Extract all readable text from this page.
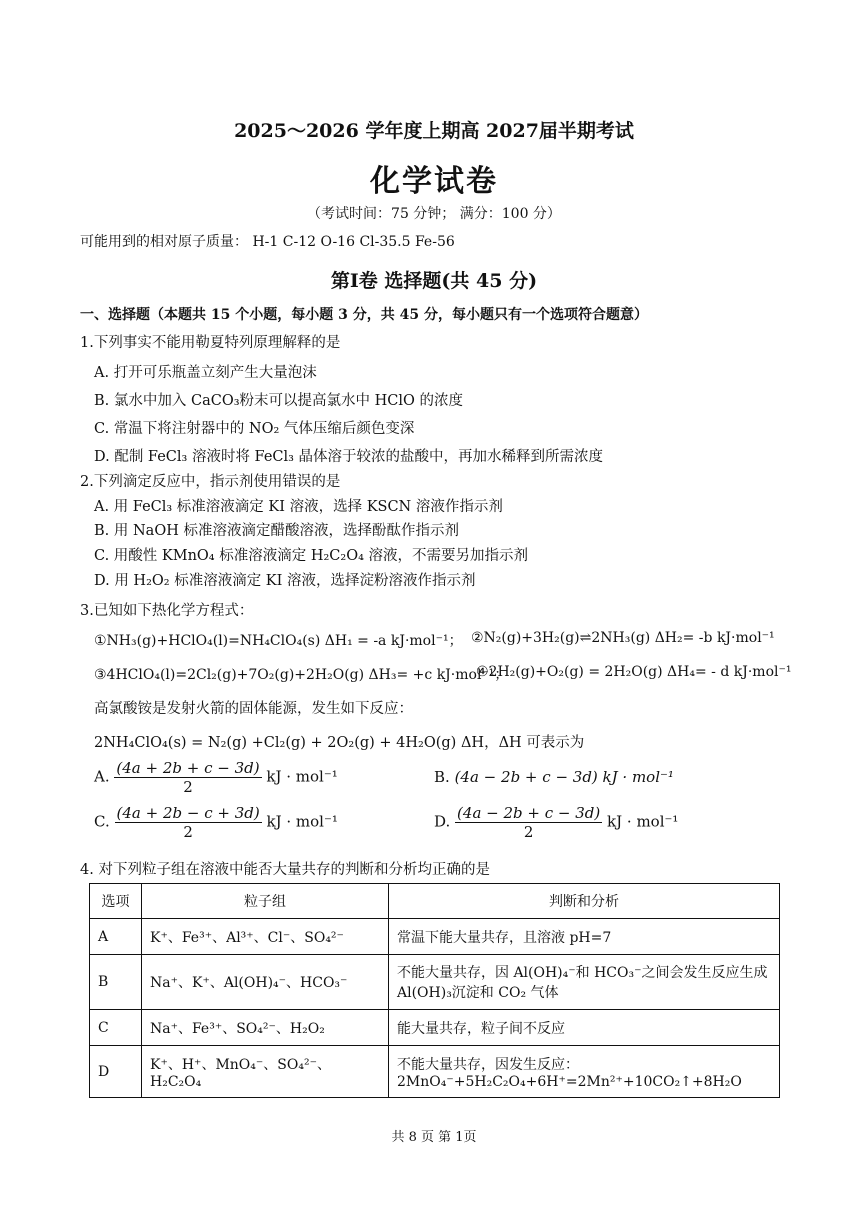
2025～2026 学年度上期高 2027届半期考试
化学试卷
（考试时间：75 分钟； 满分：100 分）
可能用到的相对原子质量： H-1 C-12 O-16 Cl-35.5 Fe-56
第Ⅰ卷 选择题(共 45 分)
一、选择题（本题共 15 个小题，每小题 3 分，共 45 分，每小题只有一个选项符合题意）
1.下列事实不能用勒夏特列原理解释的是
A. 打开可乐瓶盖立刻产生大量泡沫
B. 氯水中加入 CaCO₃粉末可以提高氯水中 HClO 的浓度
C. 常温下将注射器中的 NO₂ 气体压缩后颜色变深
D. 配制 FeCl₃ 溶液时将 FeCl₃ 晶体溶于较浓的盐酸中，再加水稀释到所需浓度
2.下列滴定反应中，指示剂使用错误的是
A. 用 FeCl₃ 标准溶液滴定 KI 溶液，选择 KSCN 溶液作指示剂
B. 用 NaOH 标准溶液滴定醋酸溶液，选择酚酞作指示剂
C. 用酸性 KMnO₄ 标准溶液滴定 H₂C₂O₄ 溶液，不需要另加指示剂
D. 用 H₂O₂ 标准溶液滴定 KI 溶液，选择淀粉溶液作指示剂
3.已知如下热化学方程式：
①NH₃(g)+HClO₄(l)=NH₄ClO₄(s) ΔH₁ = -a kJ·mol⁻¹； ②N₂(g)+3H₂(g)⇌2NH₃(g) ΔH₂= -b kJ·mol⁻¹
③4HClO₄(l)=2Cl₂(g)+7O₂(g)+2H₂O(g) ΔH₃= +c kJ·mol⁻¹；
④2H₂(g)+O₂(g) = 2H₂O(g) ΔH₄= - d kJ·mol⁻¹
高氯酸铵是发射火箭的固体能源，发生如下反应：
2NH₄ClO₄(s) = N₂(g) +Cl₂(g) + 2O₂(g) + 4H₂O(g) ΔH，ΔH 可表示为
A. $\frac{(4a + 2b + c - 3d)}{2}$ kJ · mol⁻¹	B. (4a − 2b + c − 3d) kJ · mol⁻¹
C. $\frac{(4a + 2b - c + 3d)}{2}$ kJ · mol⁻¹	D. $\frac{(4a - 2b + c - 3d)}{2}$ kJ · mol⁻¹
4. 对下列粒子组在溶液中能否大量共存的判断和分析均正确的是
选项	粒子组	判断和分析
A	K⁺、Fe³⁺、Al³⁺、Cl⁻、SO₄²⁻	常温下能大量共存，且溶液 pH=7
B	Na⁺、K⁺、Al(OH)₄⁻、HCO₃⁻	不能大量共存，因 Al(OH)₄⁻和 HCO₃⁻之间会发生反应生成 Al(OH)₃沉淀和 CO₂ 气体
C	Na⁺、Fe³⁺、SO₄²⁻、H₂O₂	能大量共存，粒子间不反应
D	K⁺、H⁺、MnO₄⁻、SO₄²⁻、H₂C₂O₄	不能大量共存，因发生反应：2MnO₄⁻+5H₂C₂O₄+6H⁺=2Mn²⁺+10CO₂↑+8H₂O
共 8 页 第 1页
